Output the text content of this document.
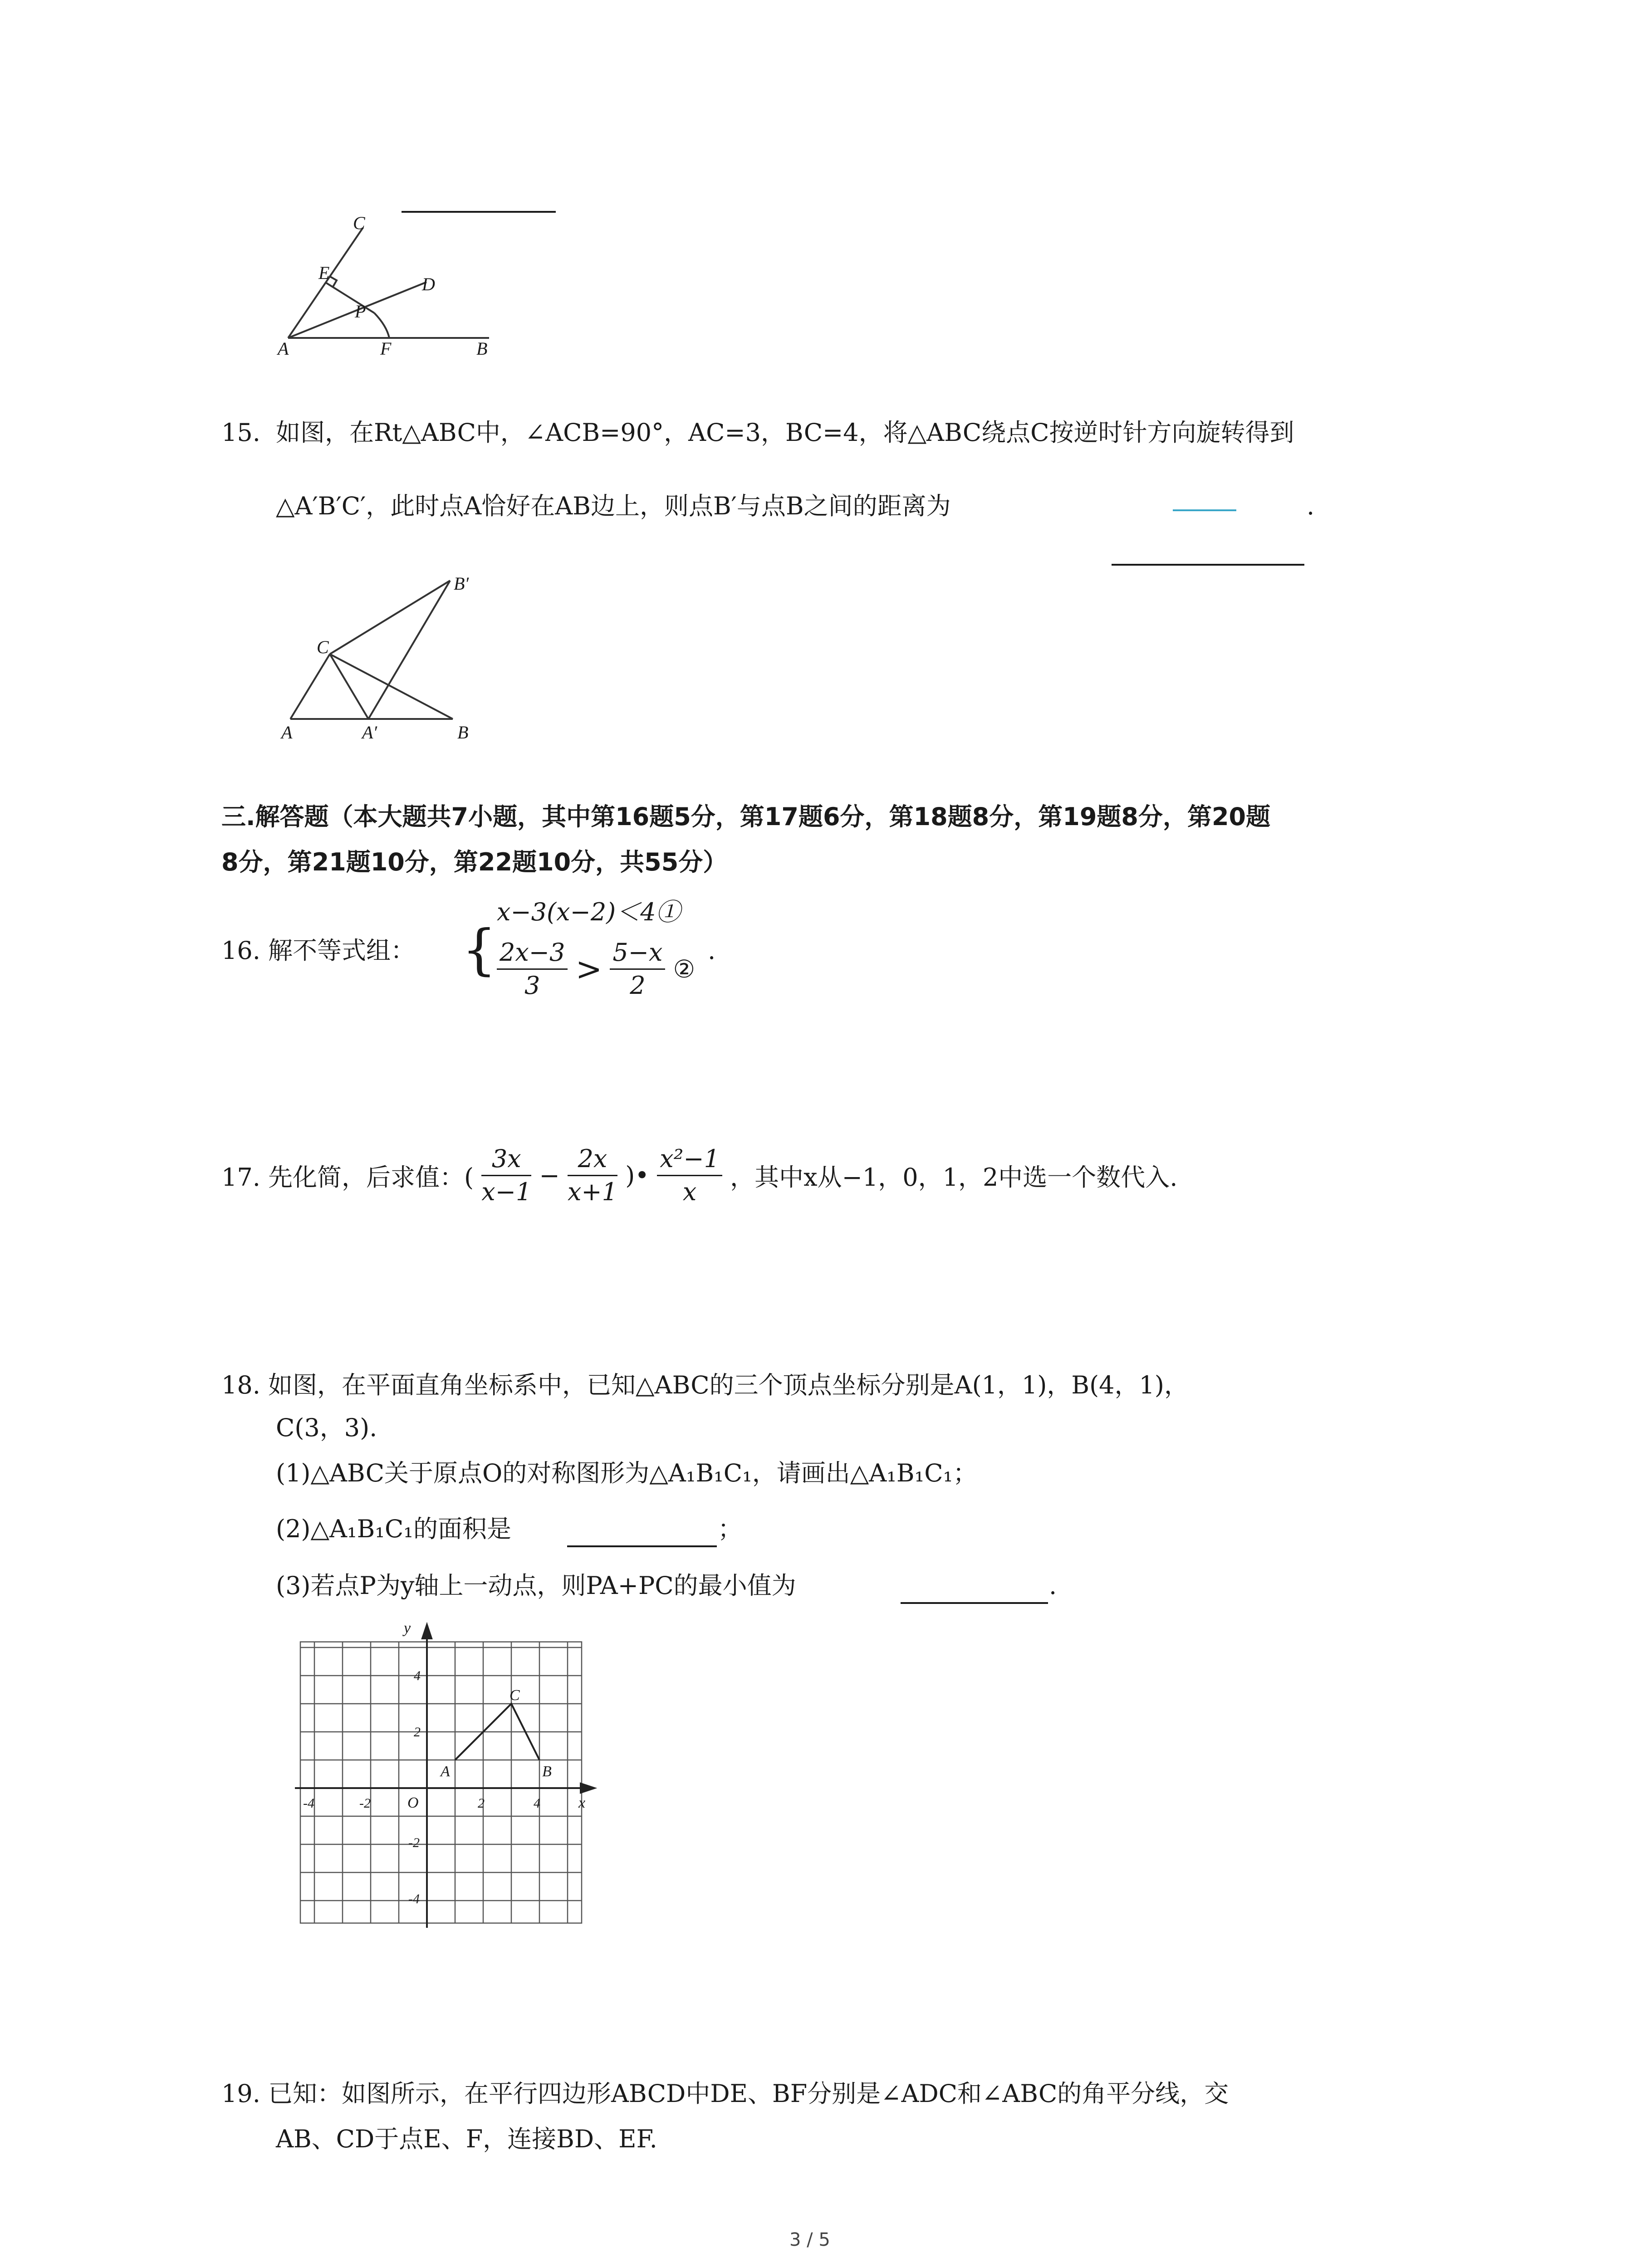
C
E
D
P
A	F	B
15. 如图，在Rt△ABC中，∠ACB=90°，AC=3，BC=4，将△ABC绕点C按逆时针方向旋转得到
△A′B′C′，此时点A恰好在AB边上，则点B′与点B之间的距离为	.
B′
C
A	A′	B
三.解答题（本大题共7小题，其中第16题5分，第17题6分，第18题8分，第19题8分，第20题
8分，第21题10分，第22题10分，共55分）
16. 解不等式组： {
x−3(x−2)＜4①
$\frac{2x-3}{3} > \frac{5-x}{2}$ ②
.
17. 先化简，后求值：( $\frac{3x}{x-1} - \frac{2x}{x+1}$ )• $\frac{\text{x²−1}}{x}$ ，其中x从−1，0，1，2中选一个数代入.
18. 如图，在平面直角坐标系中，已知△ABC的三个顶点坐标分别是A(1，1)，B(4，1)，
C(3，3).
(1)△ABC关于原点O的对称图形为△A₁B₁C₁，请画出△A₁B₁C₁；
(2)△A₁B₁C₁的面积是	；
(3)若点P为y轴上一动点，则PA+PC的最小值为	.
x
y
-4	-2 O	2	4
4
2
-2
-4
A	B
C
19. 已知：如图所示，在平行四边形ABCD中DE、BF分别是∠ADC和∠ABC的角平分线，交
AB、CD于点E、F，连接BD、EF.
3 / 5
